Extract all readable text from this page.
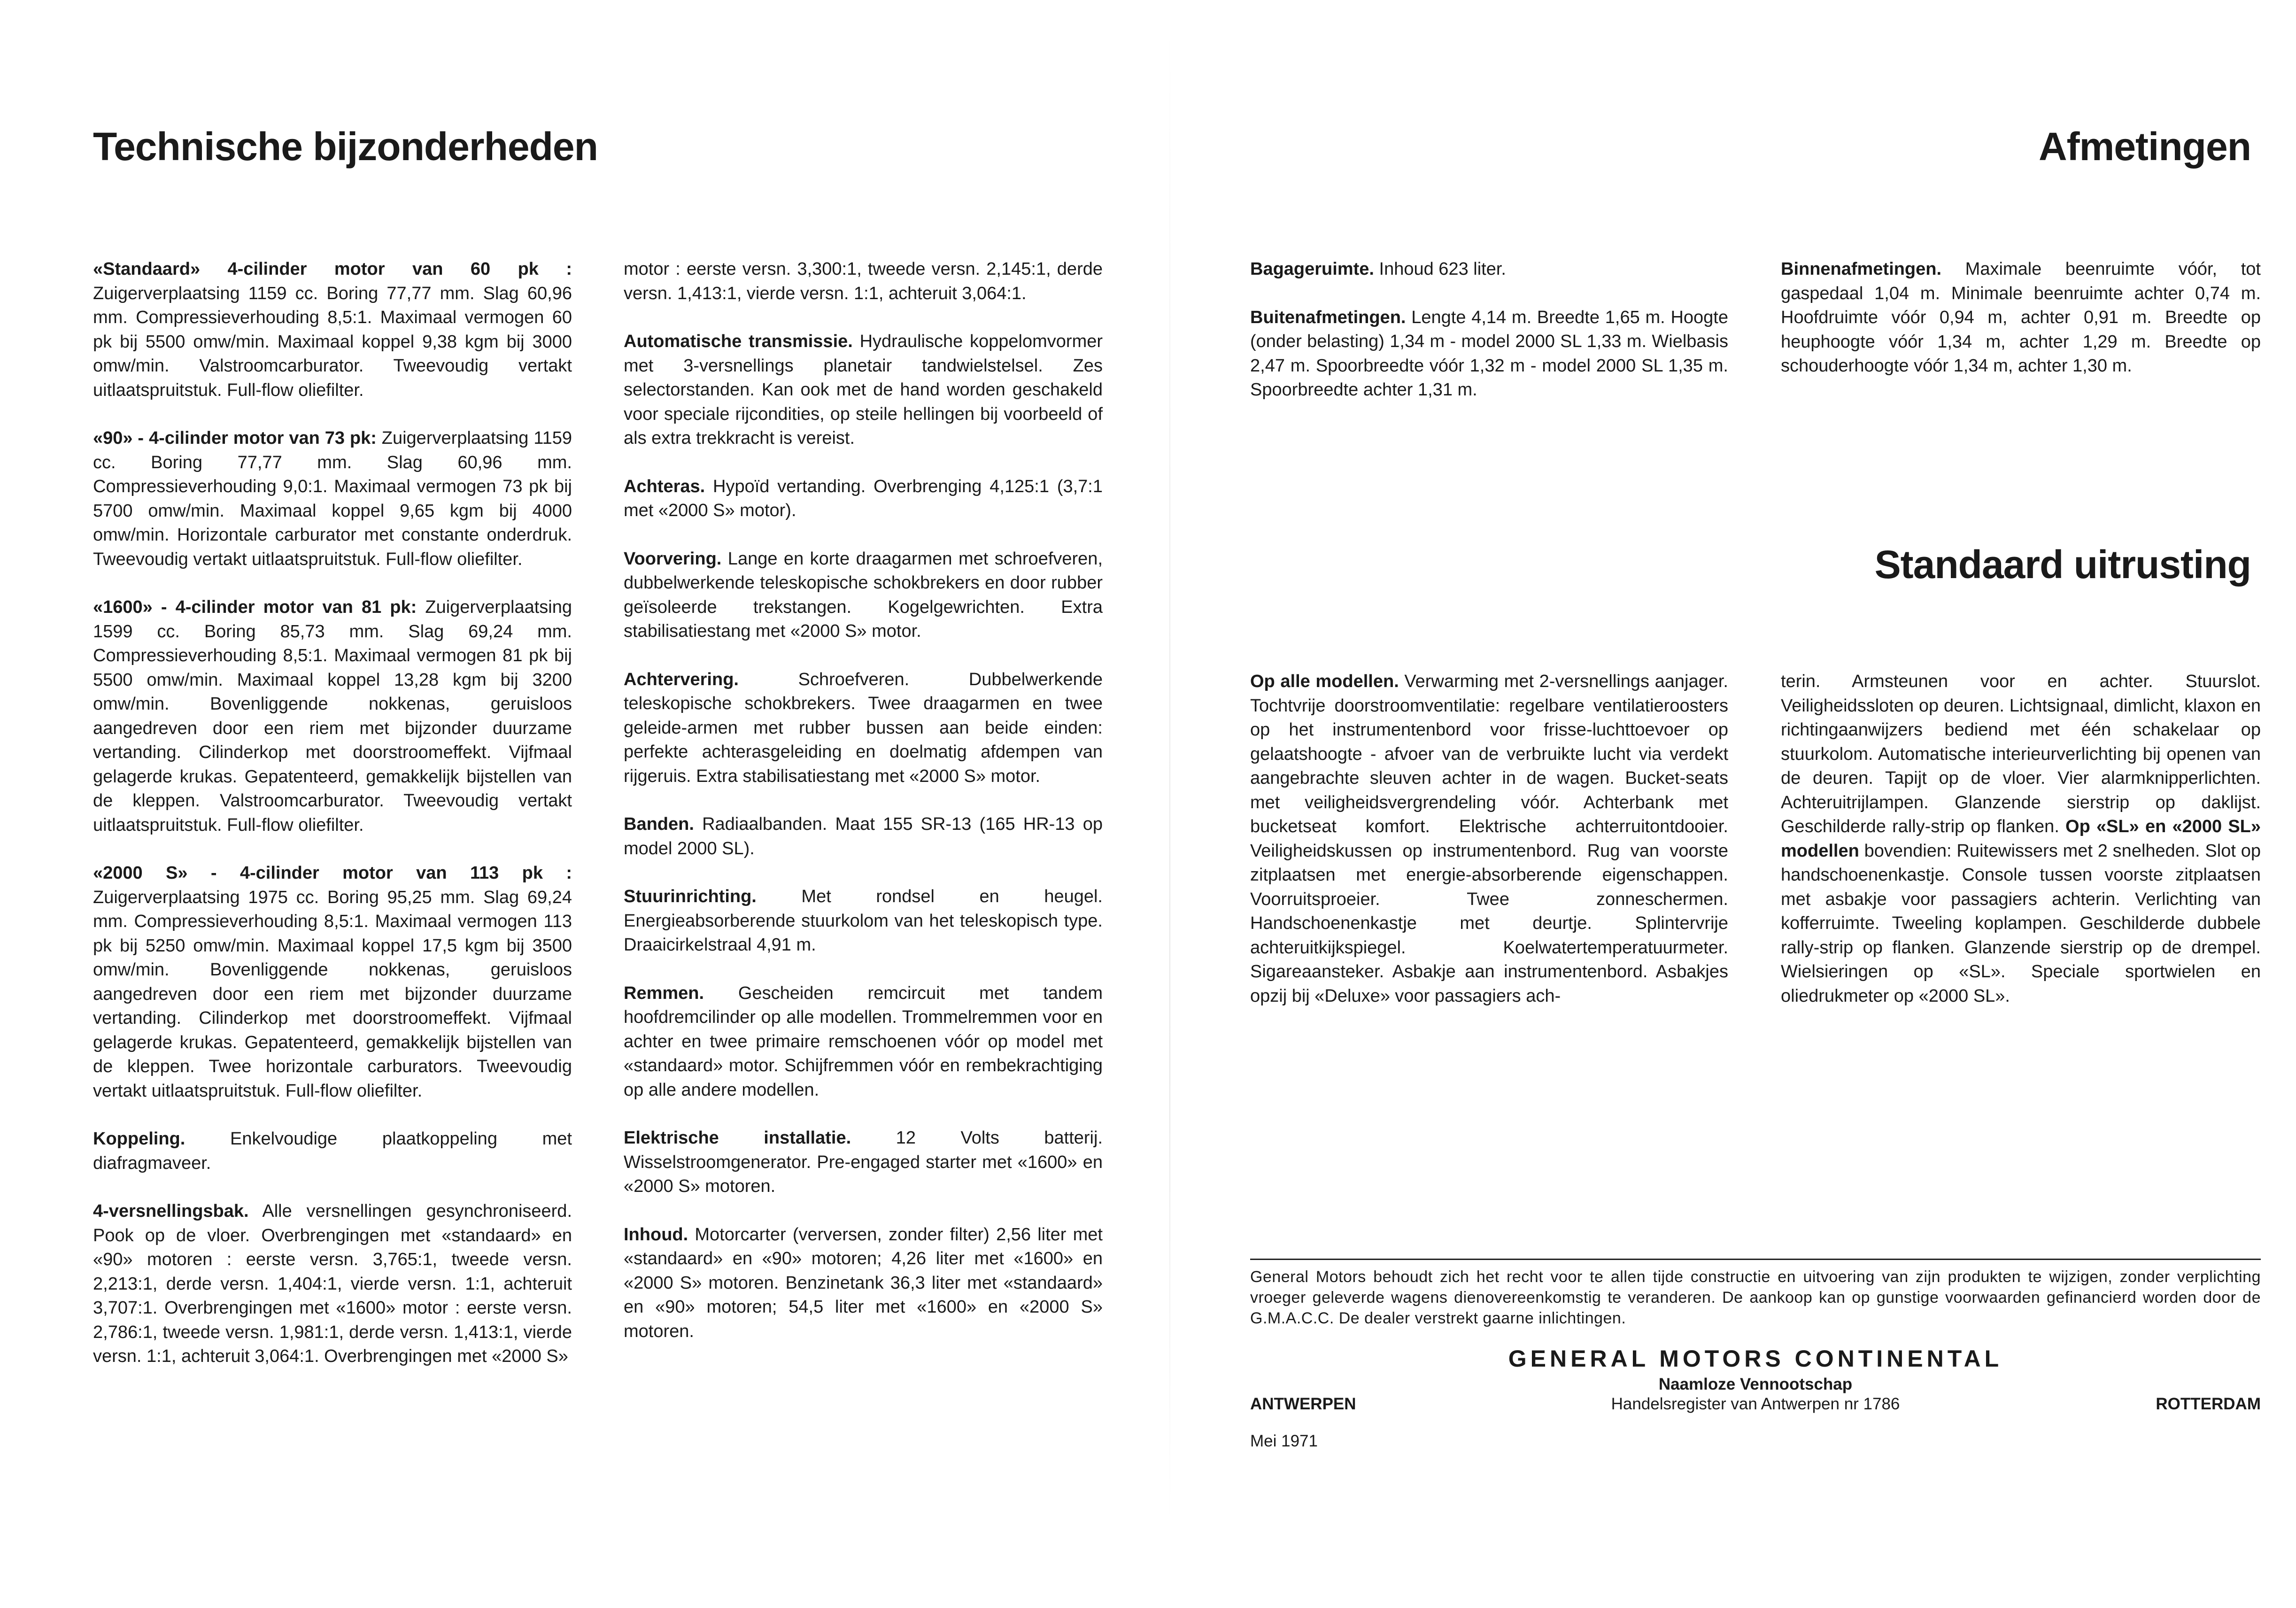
Technische bijzonderheden	Afmetingen
Standaard uitrusting

«Standaard» 4-cilinder motor van 60 pk : Zuigerverplaatsing 1159 cc. Boring 77,77 mm. Slag 60,96 mm. Compressieverhouding 8,5:1. Maximaal vermogen 60 pk bij 5500 omw/min. Maximaal koppel 9,38 kgm bij 3000 omw/min. Valstroomcarburator. Tweevoudig vertakt uitlaatspruitstuk. Full-flow oliefilter.

«90» - 4-cilinder motor van 73 pk: Zuigerverplaatsing 1159 cc. Boring 77,77 mm. Slag 60,96 mm. Compressieverhouding 9,0:1. Maximaal vermogen 73 pk bij 5700 omw/min. Maximaal koppel 9,65 kgm bij 4000 omw/min. Horizontale carburator met constante onderdruk. Tweevoudig vertakt uitlaatspruitstuk. Full-flow oliefilter.

«1600» - 4-cilinder motor van 81 pk: Zuigerverplaatsing 1599 cc. Boring 85,73 mm. Slag 69,24 mm. Compressieverhouding 8,5:1. Maximaal vermogen 81 pk bij 5500 omw/min. Maximaal koppel 13,28 kgm bij 3200 omw/min. Bovenliggende nokkenas, geruisloos aangedreven door een riem met bijzonder duurzame vertanding. Cilinderkop met doorstroomeffekt. Vijfmaal gelagerde krukas. Gepatenteerd, gemakkelijk bijstellen van de kleppen. Valstroomcarburator. Tweevoudig vertakt uitlaatspruitstuk. Full-flow oliefilter.

«2000 S» - 4-cilinder motor van 113 pk : Zuigerverplaatsing 1975 cc. Boring 95,25 mm. Slag 69,24 mm. Compressieverhouding 8,5:1. Maximaal vermogen 113 pk bij 5250 omw/min. Maximaal koppel 17,5 kgm bij 3500 omw/min. Bovenliggende nokkenas, geruisloos aangedreven door een riem met bijzonder duurzame vertanding. Cilinderkop met doorstroomeffekt. Vijfmaal gelagerde krukas. Gepatenteerd, gemakkelijk bijstellen van de kleppen. Twee horizontale carburators. Tweevoudig vertakt uitlaatspruitstuk. Full-flow oliefilter.

Koppeling. Enkelvoudige plaatkoppeling met diafragmaveer.

4-versnellingsbak. Alle versnellingen gesynchroniseerd. Pook op de vloer. Overbrengingen met «standaard» en «90» motoren : eerste versn. 3,765:1, tweede versn. 2,213:1, derde versn. 1,404:1, vierde versn. 1:1, achteruit 3,707:1. Overbrengingen met «1600» motor : eerste versn. 2,786:1, tweede versn. 1,981:1, derde versn. 1,413:1, vierde versn. 1:1, achteruit 3,064:1. Overbrengingen met «2000 S»

motor : eerste versn. 3,300:1, tweede versn. 2,145:1, derde versn. 1,413:1, vierde versn. 1:1, achteruit 3,064:1.

Automatische transmissie. Hydraulische koppelomvormer met 3-versnellings planetair tandwielstelsel. Zes selectorstanden. Kan ook met de hand worden geschakeld voor speciale rijcondities, op steile hellingen bij voorbeeld of als extra trekkracht is vereist.

Achteras. Hypoïd vertanding. Overbrenging 4,125:1 (3,7:1 met «2000 S» motor).

Voorvering. Lange en korte draagarmen met schroefveren, dubbelwerkende teleskopische schokbrekers en door rubber geïsoleerde trekstangen. Kogelgewrichten. Extra stabilisatiestang met «2000 S» motor.

Achtervering. Schroefveren. Dubbelwerkende teleskopische schokbrekers. Twee draagarmen en twee geleide-armen met rubber bussen aan beide einden: perfekte achterasgeleiding en doelmatig afdempen van rijgeruis. Extra stabilisatiestang met «2000 S» motor.

Banden. Radiaalbanden. Maat 155 SR-13 (165 HR-13 op model 2000 SL).

Stuurinrichting. Met rondsel en heugel. Energieabsorberende stuurkolom van het teleskopisch type. Draaicirkelstraal 4,91 m.

Remmen. Gescheiden remcircuit met tandem hoofdremcilinder op alle modellen. Trommelremmen voor en achter en twee primaire remschoenen vóór op model met «standaard» motor. Schijfremmen vóór en rembekrachtiging op alle andere modellen.

Elektrische installatie. 12 Volts batterij. Wisselstroomgenerator. Pre-engaged starter met «1600» en «2000 S» motoren.

Inhoud. Motorcarter (verversen, zonder filter) 2,56 liter met «standaard» en «90» motoren; 4,26 liter met «1600» en «2000 S» motoren. Benzinetank 36,3 liter met «standaard» en «90» motoren; 54,5 liter met «1600» en «2000 S» motoren.

Bagageruimte. Inhoud 623 liter.

Buitenafmetingen. Lengte 4,14 m. Breedte 1,65 m. Hoogte (onder belasting) 1,34 m - model 2000 SL 1,33 m. Wielbasis 2,47 m. Spoorbreedte vóór 1,32 m - model 2000 SL 1,35 m. Spoorbreedte achter 1,31 m.

Binnenafmetingen. Maximale beenruimte vóór, tot gaspedaal 1,04 m. Minimale beenruimte achter 0,74 m. Hoofdruimte vóór 0,94 m, achter 0,91 m. Breedte op heuphoogte vóór 1,34 m, achter 1,29 m. Breedte op schouderhoogte vóór 1,34 m, achter 1,30 m.

Op alle modellen. Verwarming met 2-versnellings aanjager. Tochtvrije doorstroomventilatie: regelbare ventilatieroosters op het instrumentenbord voor frisse-luchttoevoer op gelaatshoogte - afvoer van de verbruikte lucht via verdekt aangebrachte sleuven achter in de wagen. Bucket-seats met veiligheidsvergrendeling vóór. Achterbank met bucketseat komfort. Elektrische achterruitontdooier. Veiligheidskussen op instrumentenbord. Rug van voorste zitplaatsen met energie-absorberende eigenschappen. Voorruitsproeier. Twee zonneschermen. Handschoenenkastje met deurtje. Splintervrije achteruitkijkspiegel. Koelwatertemperatuurmeter. Sigareaansteker. Asbakje aan instrumentenbord. Asbakjes opzij bij «Deluxe» voor passagiers ach-

terin. Armsteunen voor en achter. Stuurslot. Veiligheidssloten op deuren. Lichtsignaal, dimlicht, klaxon en richtingaanwijzers bediend met één schakelaar op stuurkolom. Automatische interieurverlichting bij openen van de deuren. Tapijt op de vloer. Vier alarmknipperlichten. Achteruitrijlampen. Glanzende sierstrip op daklijst. Geschilderde rally-strip op flanken. Op «SL» en «2000 SL» modellen bovendien: Ruitewissers met 2 snelheden. Slot op handschoenenkastje. Console tussen voorste zitplaatsen met asbakje voor passagiers achterin. Verlichting van kofferruimte. Tweeling koplampen. Geschilderde dubbele rally-strip op flanken. Glanzende sierstrip op de drempel. Wielsieringen op «SL». Speciale sportwielen en oliedrukmeter op «2000 SL».

General Motors behoudt zich het recht voor te allen tijde constructie en uitvoering van zijn produkten te wijzigen, zonder verplichting vroeger geleverde wagens dienovereenkomstig te veranderen. De aankoop kan op gunstige voorwaarden gefinancierd worden door de G.M.A.C.C. De dealer verstrekt gaarne inlichtingen.
GENERAL MOTORS CONTINENTAL
Naamloze Vennootschap
ANTWERPEN	Handelsregister van Antwerpen nr 1786	ROTTERDAM
Mei 1971
